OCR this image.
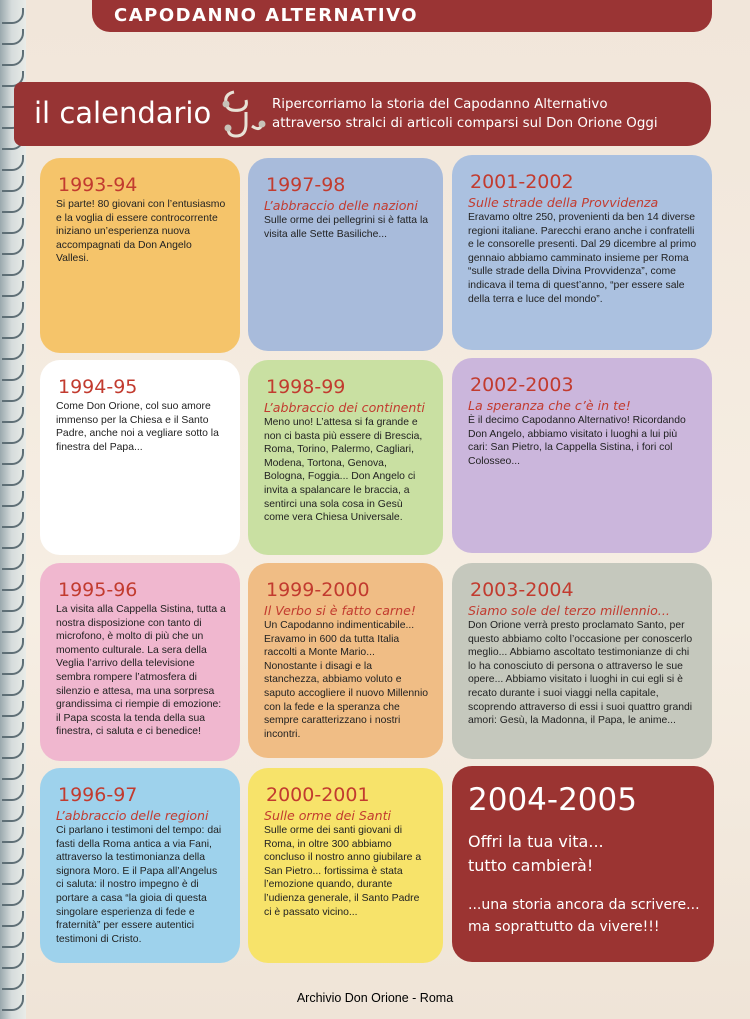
CAPODANNO ALTERNATIVO
il calendario	Ripercorriamo la storia del Capodanno Alternativo
attraverso stralci di articoli comparsi sul Don Orione Oggi
1993-94
Si parte! 80 giovani con l’entusiasmo e la voglia di essere controcorrente iniziano un’esperienza nuova accompagnati da Don Angelo Vallesi.
1994-95
Come Don Orione, col suo amore immenso per la Chiesa e il Santo Padre, anche noi a vegliare sotto la finestra del Papa...
1995-96
La visita alla Cappella Sistina, tutta a nostra disposizione con tanto di microfono, è molto di più che un momento culturale. La sera della Veglia l’arrivo della televisione sembra rompere l’atmosfera di silenzio e attesa, ma una sorpresa grandissima ci riempie di emozione: il Papa scosta la tenda della sua finestra, ci saluta e ci benedice!
1996-97
L’abbraccio delle regioni
Ci parlano i testimoni del tempo: dai fasti della Roma antica a via Fani, attraverso la testimonianza della signora Moro. E il Papa all’Angelus ci saluta: il nostro impegno è di portare a casa “la gioia di questa singolare esperienza di fede e fraternità” per essere autentici testimoni di Cristo.
1997-98
L’abbraccio delle nazioni
Sulle orme dei pellegrini si è fatta la visita alle Sette Basiliche...
1998-99
L’abbraccio dei continenti
Meno uno! L’attesa si fa grande e non ci basta più essere di Brescia, Roma, Torino, Palermo, Cagliari, Modena, Tortona, Genova, Bologna, Foggia... Don Angelo ci invita a spalancare le braccia, a sentirci una sola cosa in Gesù come vera Chiesa Universale.
1999-2000
Il Verbo si è fatto carne!
Un Capodanno indimenticabile... Eravamo in 600 da tutta Italia raccolti a Monte Mario... Nonostante i disagi e la stanchezza, abbiamo voluto e saputo accogliere il nuovo Millennio con la fede e la speranza che sempre caratterizzano i nostri incontri.
2000-2001
Sulle orme dei Santi
Sulle orme dei santi giovani di Roma, in oltre 300 abbiamo concluso il nostro anno giubilare a San Pietro... fortissima è stata l’emozione quando, durante l’udienza generale, il Santo Padre ci è passato vicino...
2001-2002
Sulle strade della Provvidenza
Eravamo oltre 250, provenienti da ben 14 diverse regioni italiane. Parecchi erano anche i confratelli e le consorelle presenti. Dal 29 dicembre al primo gennaio abbiamo camminato insieme per Roma “sulle strade della Divina Provvidenza”, come indicava il tema di quest’anno, “per essere sale della terra e luce del mondo”.
2002-2003
La speranza che c’è in te!
È il decimo Capodanno Alternativo! Ricordando Don Angelo, abbiamo visitato i luoghi a lui più cari: San Pietro, la Cappella Sistina, i fori col Colosseo...
2003-2004
Siamo sole del terzo millennio...
Don Orione verrà presto proclamato Santo, per questo abbiamo colto l’occasione per conoscerlo meglio... Abbiamo ascoltato testimonianze di chi lo ha conosciuto di persona o attraverso le sue opere... Abbiamo visitato i luoghi in cui egli si è recato durante i suoi viaggi nella capitale, scoprendo attraverso di essi i suoi quattro grandi amori: Gesù, la Madonna, il Papa, le anime...
2004-2005
Offri la tua vita...
tutto cambierà!
...una storia ancora da scrivere...
ma soprattutto da vivere!!!
Archivio Don Orione - Roma
